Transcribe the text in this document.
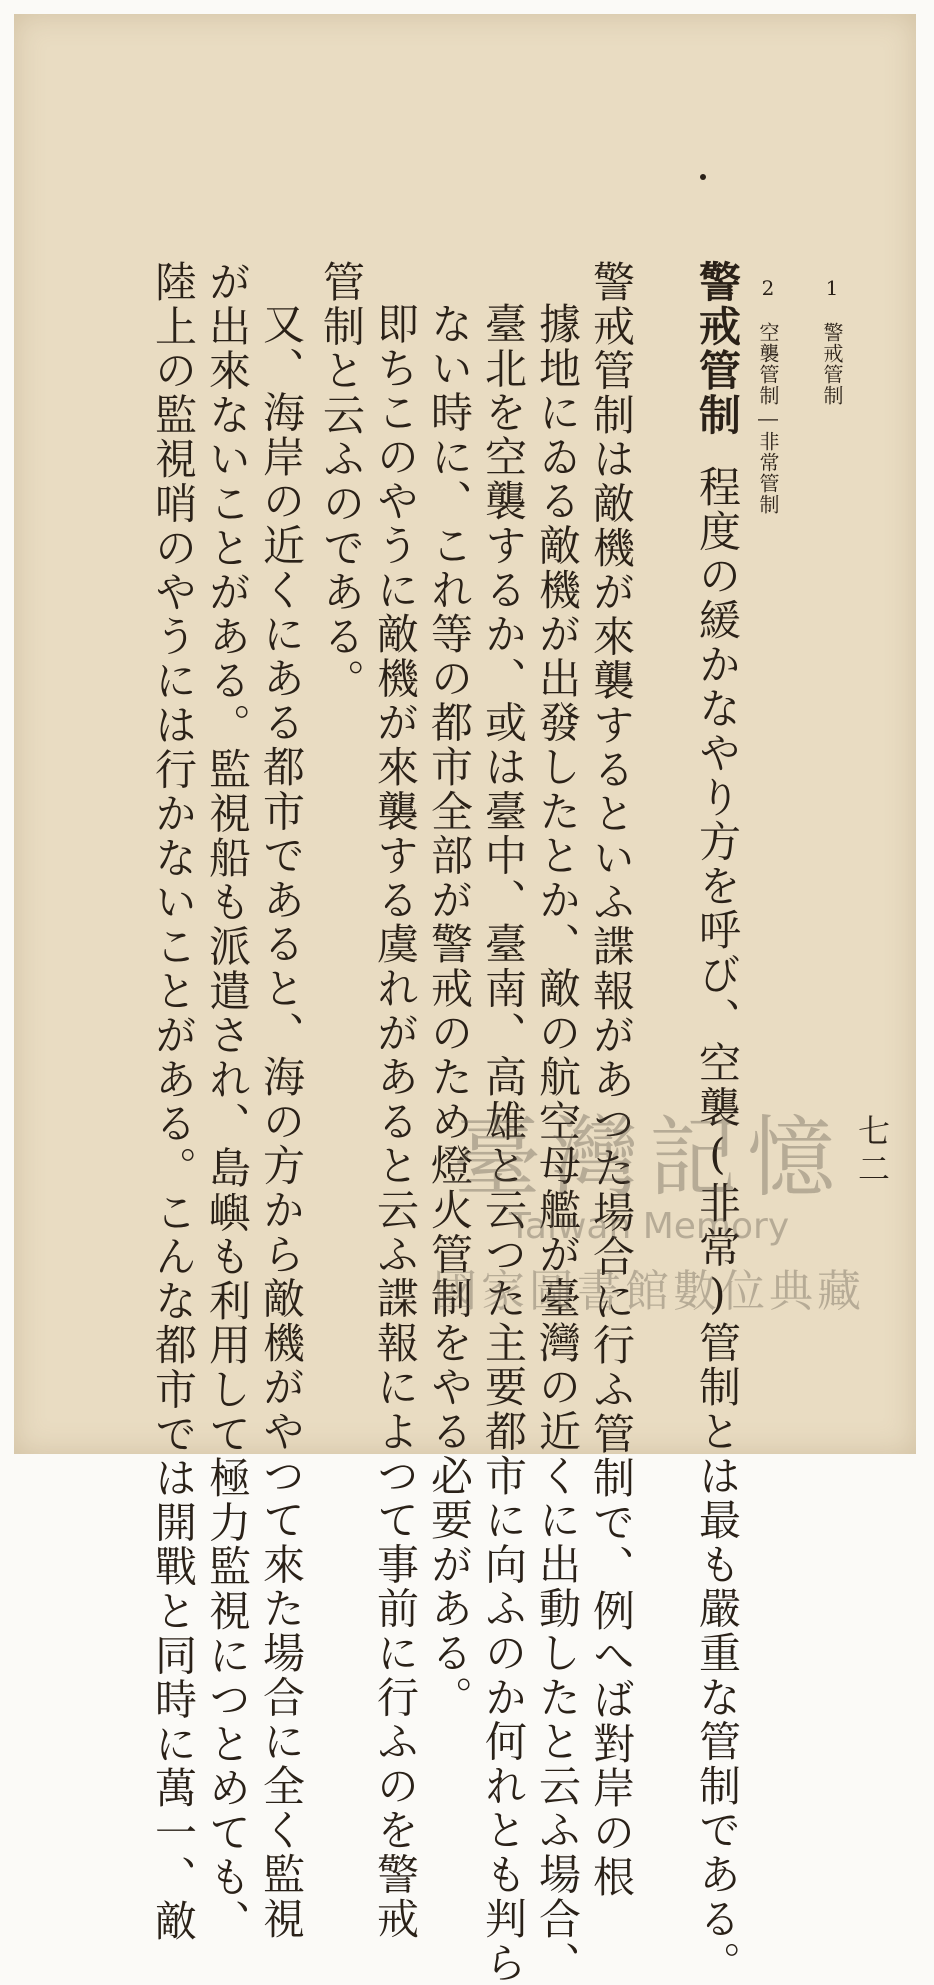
1　警戒管制
2　空襲管制―非常管制
警戒管制程度の緩かなやり方を呼び、空襲(非常)管制とは最も嚴重な管制である。
警戒管制は敵機が來襲するといふ諜報があつた場合に行ふ管制で、例へば對岸の根
據地にゐる敵機が出發したとか、敵の航空母艦が臺灣の近くに出動したと云ふ場合、
臺北を空襲するか、或は臺中、臺南、高雄と云つた主要都市に向ふのか何れとも判ら
ない時に、これ等の都市全部が警戒のため燈火管制をやる必要がある。
即ちこのやうに敵機が來襲する虞れがあると云ふ諜報によつて事前に行ふのを警戒
管制と云ふのである。
又、海岸の近くにある都市であると、海の方から敵機がやつて來た場合に全く監視
が出來ないことがある。監視船も派遣され、島嶼も利用して極力監視につとめても、
陸上の監視哨のやうには行かないことがある。こんな都市では開戰と同時に萬一、敵	七二
臺灣記憶
Taiwan Memory
國家圖書館數位典藏
